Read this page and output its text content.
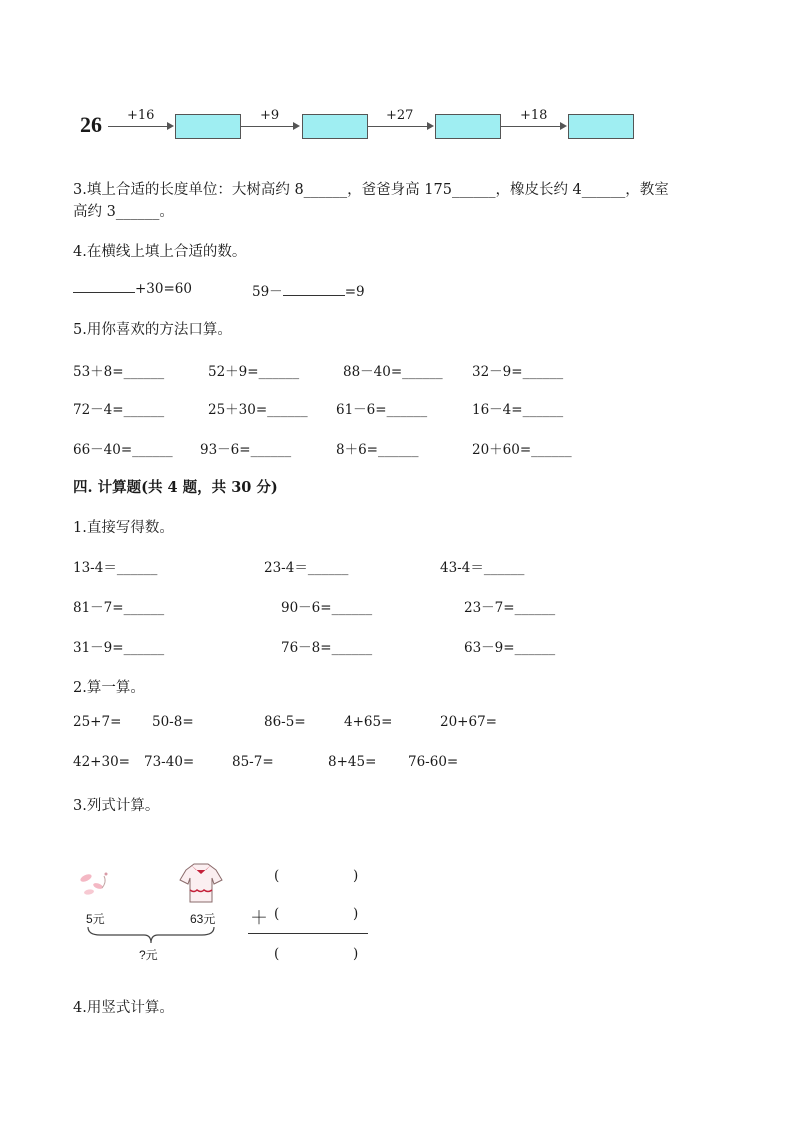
26 +16	+9	+27	+18
3.填上合适的长度单位：大树高约 8______，爸爸身高 175______，橡皮长约 4______，教室
高约 3______。
4.在横线上填上合适的数。
+30=60	59－	=9
5.用你喜欢的方法口算。
53＋8=______	52＋9=______	88－40=______ 32－9=______
72－4=______	25＋30=______ 61－6=______	16－4=______
66－40=______ 93－6=______	8＋6=______	20＋60=______
四. 计算题(共 4 题，共 30 分)
1.直接写得数。
13-4＝______	23-4＝______	43-4＝______
81－7=______	90－6=______	23－7=______
31－9=______	76－8=______	63－9=______
2.算一算。
25+7= 50-8=	86-5=	4+65=	20+67=
42+30= 73-40=	85-7=	8+45= 76-60=
3.列式计算。
5元	63元
?元
(	)
＋ (	)
(	)
4.用竖式计算。
